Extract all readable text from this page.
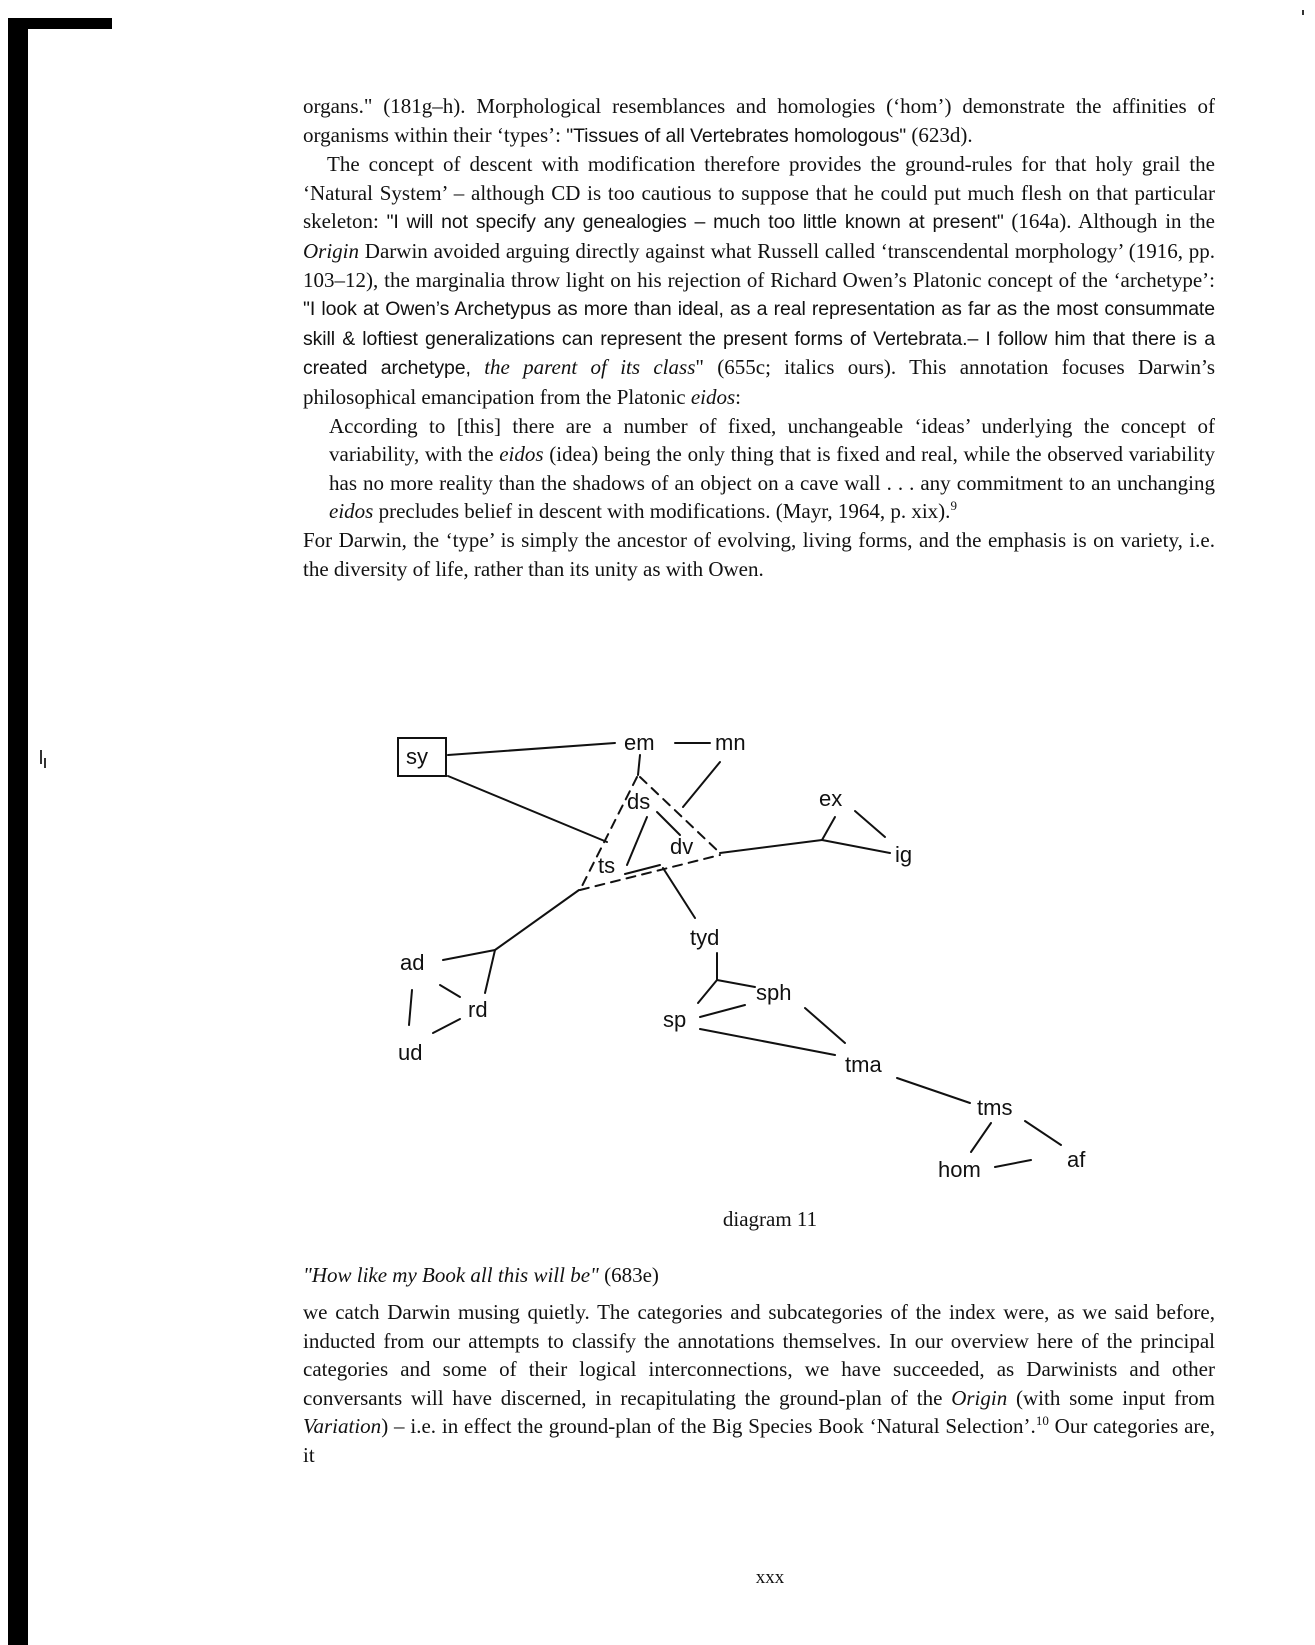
organs." (181g–h). Morphological resemblances and homologies (‘hom’) demonstrate the affinities of organisms within their ‘types’: "Tissues of all Vertebrates homologous" (623d).

The concept of descent with modification therefore provides the ground-rules for that holy grail the ‘Natural System’ – although CD is too cautious to suppose that he could put much flesh on that particular skeleton: "I will not specify any genealogies – much too little known at present" (164a). Although in the Origin Darwin avoided arguing directly against what Russell called ‘transcendental morphology’ (1916, pp. 103–12), the marginalia throw light on his rejection of Richard Owen’s Platonic concept of the ‘archetype’: "I look at Owen’s Archetypus as more than ideal, as a real representation as far as the most consummate skill & loftiest generalizations can represent the present forms of Vertebrata.– I follow him that there is a created archetype, the parent of its class" (655c; italics ours). This annotation focuses Darwin’s philosophical emancipation from the Platonic eidos:

According to [this] there are a number of fixed, unchangeable ‘ideas’ underlying the concept of variability, with the eidos (idea) being the only thing that is fixed and real, while the observed variability has no more reality than the shadows of an object on a cave wall . . . any commitment to an unchanging eidos precludes belief in descent with modifications. (Mayr, 1964, p. xix).$^9$

For Darwin, the ‘type’ is simply the ancestor of evolving, living forms, and the emphasis is on variety, i.e. the diversity of life, rather than its unity as with Owen.

sy
em	mn
ds	ex
dv	ig
ts
tyd
ad
rd
sph
sp
ud	tma
tms
hom	af
diagram 11
"How like my Book all this will be" (683e)

we catch Darwin musing quietly. The categories and subcategories of the index were, as we said before, inducted from our attempts to classify the annotations themselves. In our overview here of the principal categories and some of their logical interconnections, we have succeeded, as Darwinists and other conversants will have discerned, in recapitulating the ground-plan of the Origin (with some input from Variation) – i.e. in effect the ground-plan of the Big Species Book ‘Natural Selection’.$^{10}$ Our categories are, it

xxx
